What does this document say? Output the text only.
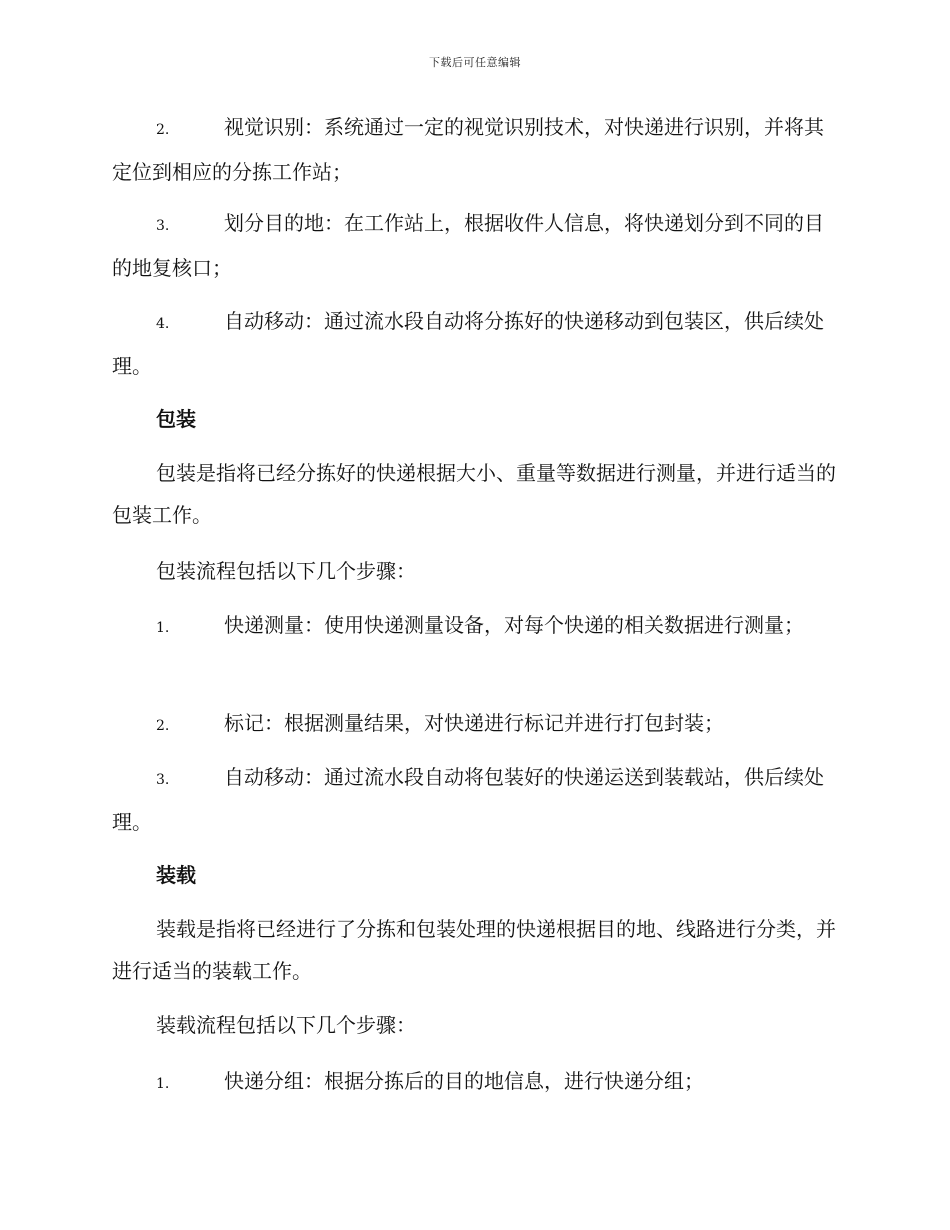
下载后可任意编辑
2.	视觉识别：系统通过一定的视觉识别技术，对快递进行识别，并将其定位到相应的分拣工作站；
3.	划分目的地：在工作站上，根据收件人信息，将快递划分到不同的目的地复核口；
4.	自动移动：通过流水段自动将分拣好的快递移动到包装区，供后续处理。
包装
包装是指将已经分拣好的快递根据大小、重量等数据进行测量，并进行适当的包装工作。
包装流程包括以下几个步骤：
1.	快递测量：使用快递测量设备，对每个快递的相关数据进行测量；
2.	标记：根据测量结果，对快递进行标记并进行打包封装；
3.	自动移动：通过流水段自动将包装好的快递运送到装载站，供后续处理。
装载
装载是指将已经进行了分拣和包装处理的快递根据目的地、线路进行分类，并进行适当的装载工作。
装载流程包括以下几个步骤：
1.	快递分组：根据分拣后的目的地信息，进行快递分组；
